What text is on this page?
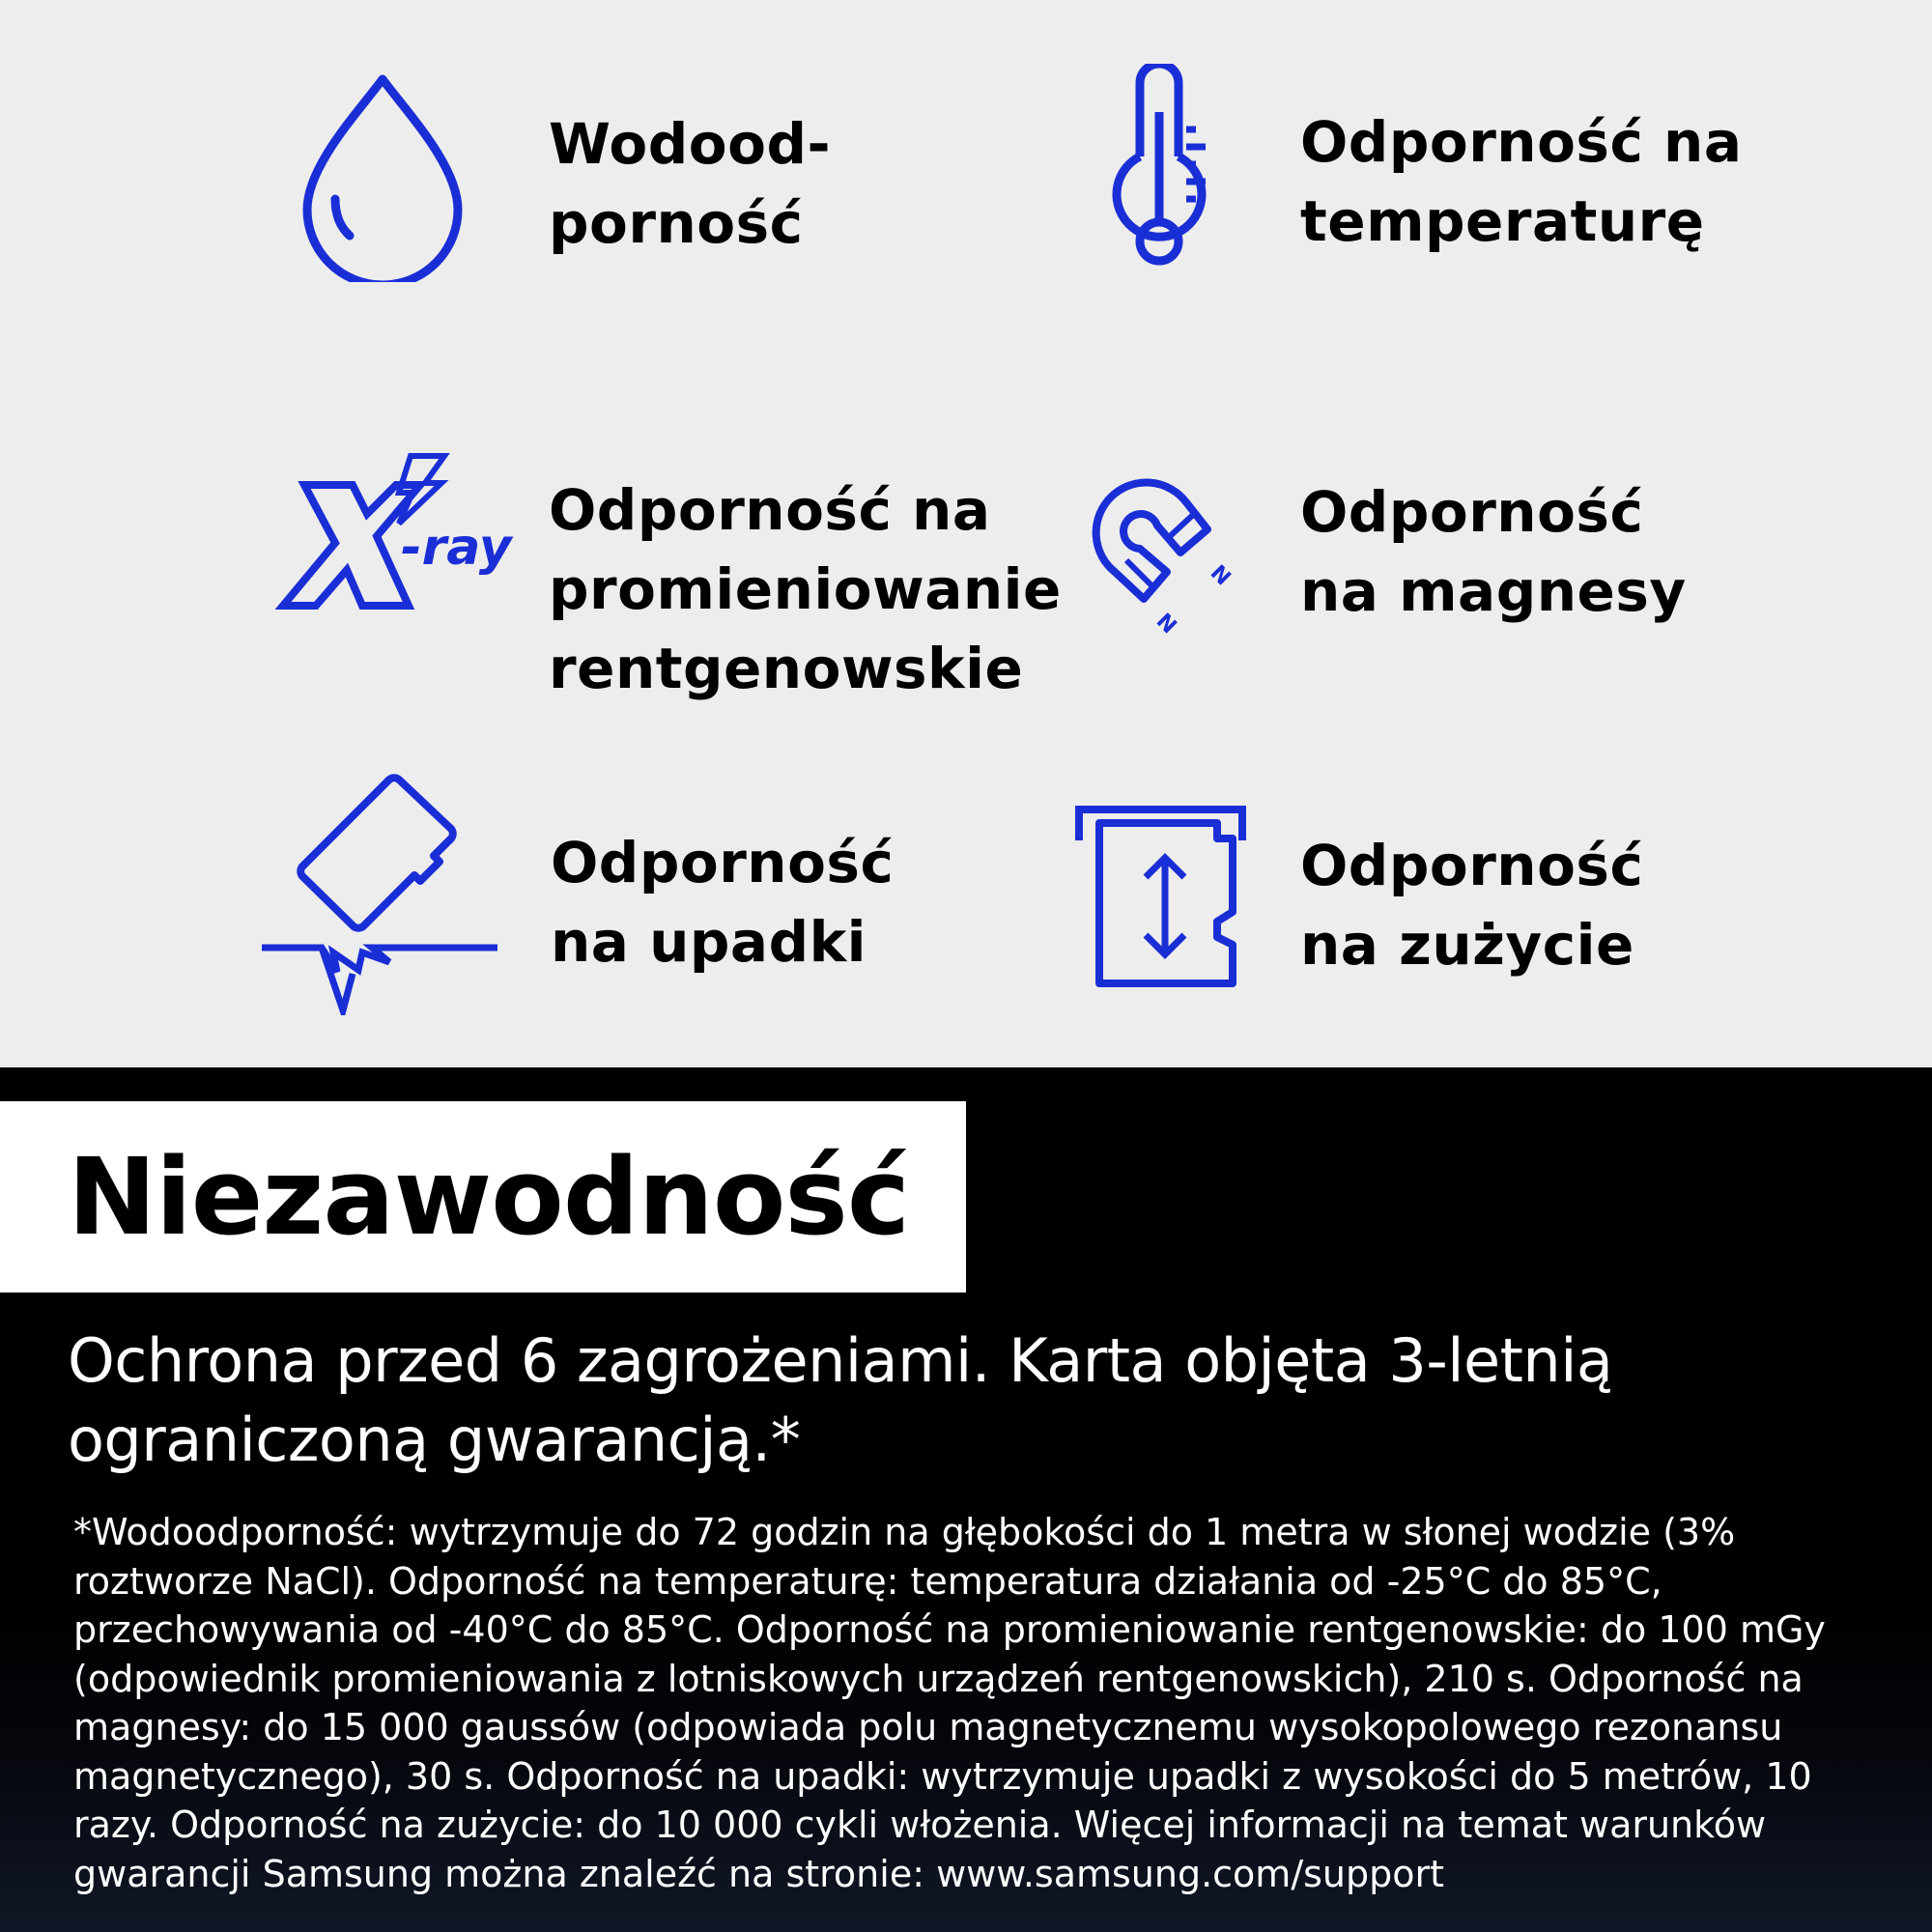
Wodood-
porność
Odporność na
temperaturę
-ray
Odporność na
promieniowanie
rentgenowskie
N
N
Odporność
na magnesy
Odporność
na upadki
Odporność
na zużycie
Niezawodność
Ochrona przed 6 zagrożeniami. Karta objęta 3-letnią
ograniczoną gwarancją.*
*Wodoodporność: wytrzymuje do 72 godzin na głębokości do 1 metra w słonej wodzie (3%
roztworze NaCl). Odporność na temperaturę: temperatura działania od -25°C do 85°C,
przechowywania od -40°C do 85°C. Odporność na promieniowanie rentgenowskie: do 100 mGy
(odpowiednik promieniowania z lotniskowych urządzeń rentgenowskich), 210 s. Odporność na
magnesy: do 15 000 gaussów (odpowiada polu magnetycznemu wysokopolowego rezonansu
magnetycznego), 30 s. Odporność na upadki: wytrzymuje upadki z wysokości do 5 metrów, 10
razy. Odporność na zużycie: do 10 000 cykli włożenia. Więcej informacji na temat warunków
gwarancji Samsung można znaleźć na stronie: www.samsung.com/support
